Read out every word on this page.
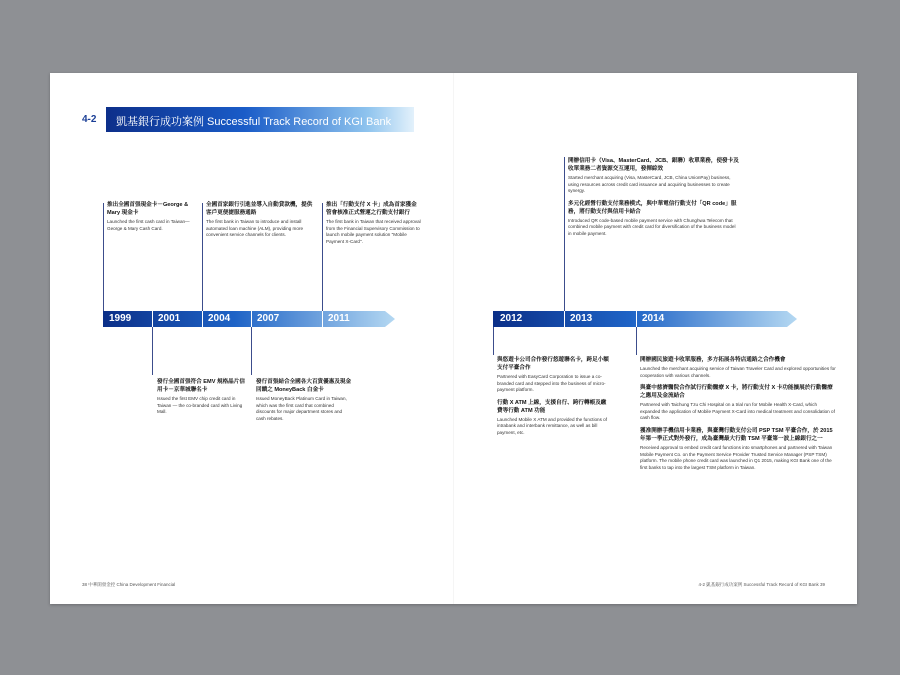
4-2 凱基銀行成功案例 Successful Track Record of KGI Bank
1999	2001	2004	2007	2011	2012	2013	2014
推出全國首張現金卡－George & Mary 現金卡
Launched the first cash card in Taiwan— George & Mary Cash Card.
全國首家銀行引進並導入自動貸款機，提供客戶更便捷服務通路
The first bank in Taiwan to introduce and install automated loan machine (ALM), providing more convenient service channels for clients.
推出「行動支付 X 卡」成為首家獲金管會核准正式營運之行動支付銀行
The first bank in Taiwan that received approval from the Financial Supervisory Commission to launch mobile payment solution "Mobile Payment X-Card".
發行全國首張符合 EMV 規格晶片信用卡－京華城聯名卡
Issued the first EMV chip credit card in Taiwan — the co-branded card with Living Mall.
發行首張結合全國各大百貨優惠及現金回饋之 MoneyBack 白金卡
Issued MoneyBack Platinum Card in Taiwan, which was the first card that combined discounts for major department stores and cash rebates.
開辦信用卡（Visa、MasterCard、JCB、銀聯）收單業務，使發卡及收單業務二者資源交互運用，發揮綜效
Started merchant acquiring (Visa, MasterCard, JCB, China UnionPay) business, using resources across credit card issuance and acquiring businesses to create synergy.
多元化經營行動支付業務模式，與中華電信行動支付「QR code」服務，將行動支付與信用卡結合
Introduced QR code-based mobile payment service with Chunghwa Telecom that combined mobile payment with credit card for diversification of the business model in mobile payment.
與悠遊卡公司合作發行悠遊聯名卡，跨足小額支付平臺合作
Partnered with EasyCard Corporation to issue a co-branded card and stepped into the business of micro-payment platform.
行動 X ATM 上線，支援自行、跨行轉帳及繳費等行動 ATM 功能
Launched Mobile X ATM and provided the functions of intrabank and interbank remittance, as well as bill payment, etc.
開辦國民旅遊卡收單服務，多方拓展各特店通路之合作機會
Launched the merchant acquiring service of Taiwan Traveler Card and explored opportunities for cooperation with various channels.
與臺中慈濟醫院合作試行行動醫療 X 卡，將行動支付 X 卡功能擴展於行動醫療之應用及金流結合
Partnered with Taichung Tzu Chi Hospital on a trial run for Mobile Health X-Card, which expanded the application of Mobile Payment X-Card into medical treatment and consolidation of cash flow.
獲准開辦手機信用卡業務，與臺灣行動支付公司 PSP TSM 平臺合作，於 2015 年第一季正式對外發行，成為臺灣最大行動 TSM 平臺第一波上線銀行之一
Received approval to embed credit card functions into smartphones and partnered with Taiwan Mobile Payment Co. on the Payment Service Provider Trusted Service Manager (PSP TSM) platform. The mobile phone credit card was launched in Q1 2015, making KGI Bank one of the first banks to tap into the largest TSM platform in Taiwan.
38 中華開發金控 China Development Financial	4-2 凱基銀行成功案例 Successful Track Record of KGI Bank 39
